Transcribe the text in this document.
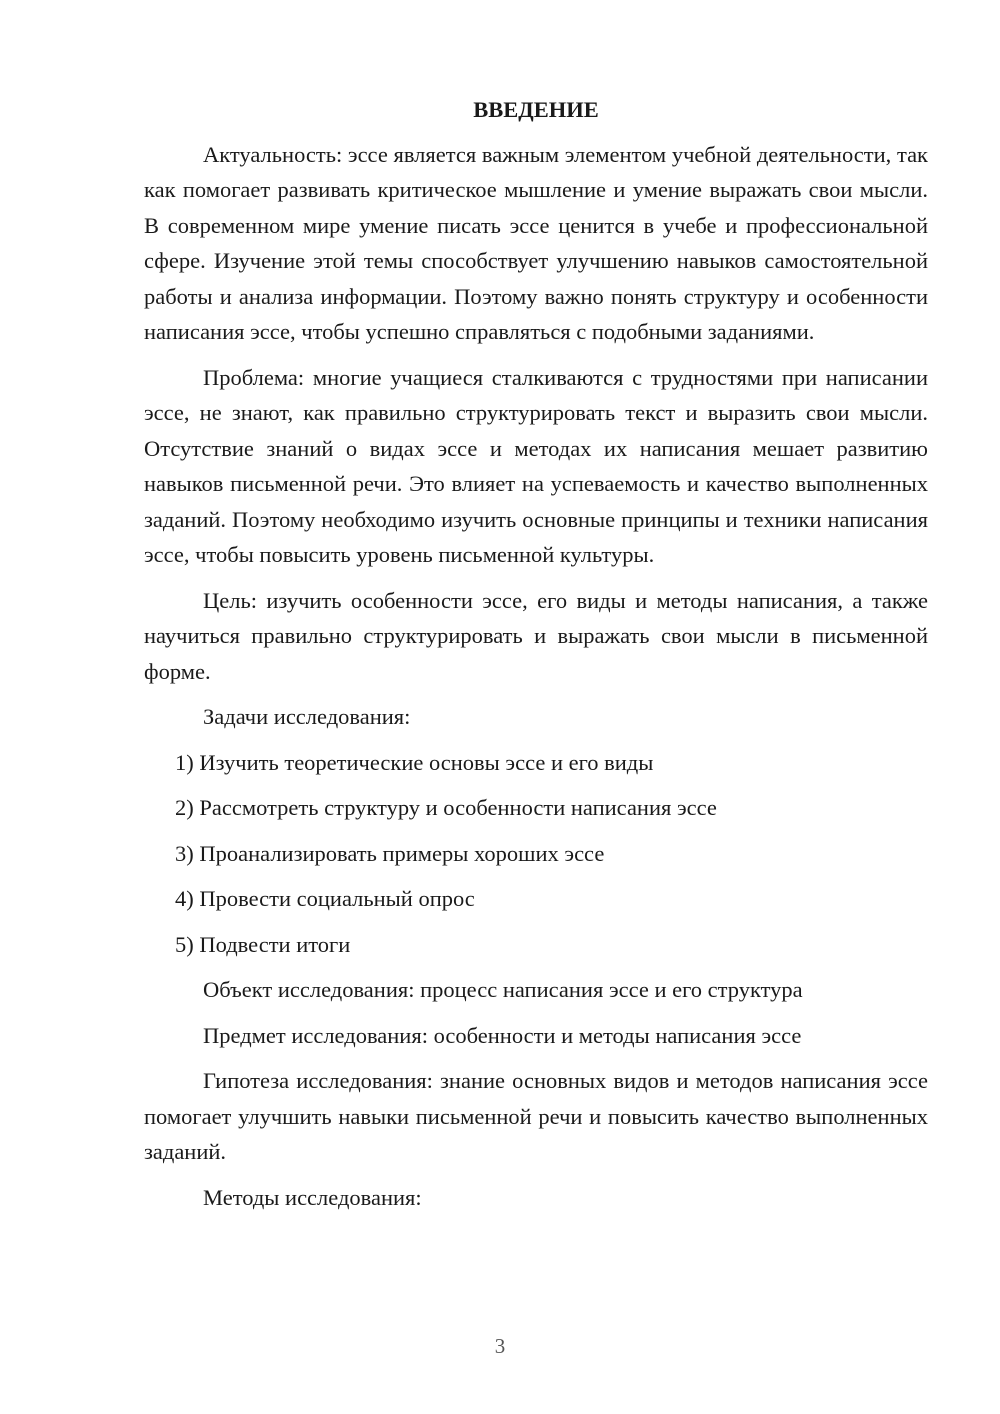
ВВЕДЕНИЕ

Актуальность: эссе является важным элементом учебной деятельности, так как помогает развивать критическое мышление и умение выражать свои мысли. В современном мире умение писать эссе ценится в учебе и профессиональной сфере. Изучение этой темы способствует улучшению навыков самостоятельной работы и анализа информации. Поэтому важно понять структуру и особенности написания эссе, чтобы успешно справляться с подобными заданиями.

Проблема: многие учащиеся сталкиваются с трудностями при написании эссе, не знают, как правильно структурировать текст и выразить свои мысли. Отсутствие знаний о видах эссе и методах их написания мешает развитию навыков письменной речи. Это влияет на успеваемость и качество выполненных заданий. Поэтому необходимо изучить основные принципы и техники написания эссе, чтобы повысить уровень письменной культуры.

Цель: изучить особенности эссе, его виды и методы написания, а также научиться правильно структурировать и выражать свои мысли в письменной форме.

Задачи исследования:
1) Изучить теоретические основы эссе и его виды
2) Рассмотреть структуру и особенности написания эссе
3) Проанализировать примеры хороших эссе
4) Провести социальный опрос
5) Подвести итоги
Объект исследования: процесс написания эссе и его структура
Предмет исследования: особенности и методы написания эссе

Гипотеза исследования: знание основных видов и методов написания эссе помогает улучшить навыки письменной речи и повысить качество выполненных заданий.

Методы исследования:
3
